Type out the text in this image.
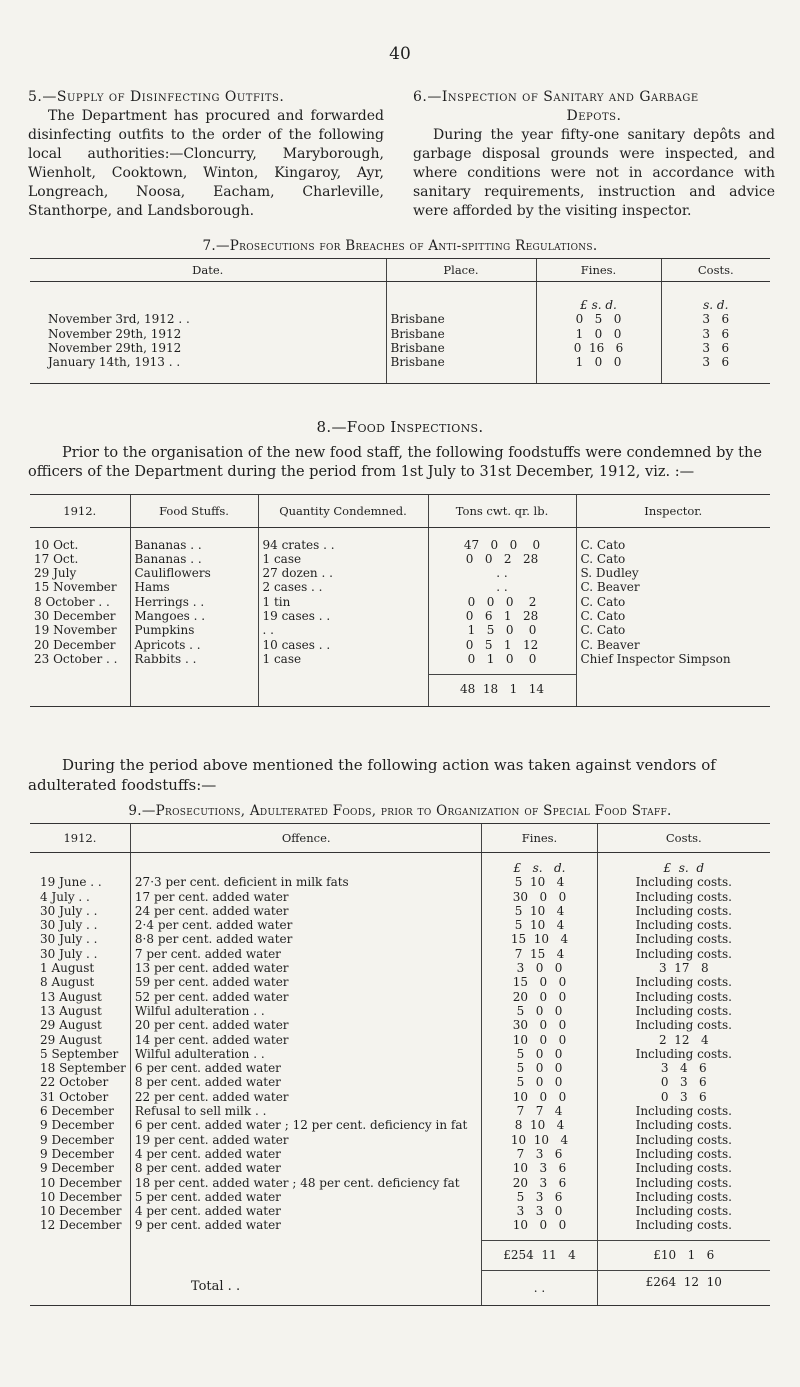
40
5.—Supply of Disinfecting Outfits.

The Department has procured and forwarded disinfecting outfits to the order of the following local authorities:—Cloncurry, Maryborough, Wienholt, Cooktown, Winton, Kingaroy, Ayr, Longreach, Noosa, Eacham, Charleville, Stanthorpe, and Landsborough.

6.—Inspection of Sanitary and Garbage
Depots.

During the year fifty-one sanitary depôts and garbage disposal grounds were inspected, and where conditions were not in accordance with sanitary requirements, instruction and advice were afforded by the visiting inspector.

7.—Prosecutions for Breaches of Anti-spitting Regulations.
Date.	Place.	Fines.	Costs.
		£ s. d.	s. d.
November 3rd, 1912 . .	Brisbane	0   5   0	3   6
November 29th, 1912	Brisbane	1   0   0	3   6
November 29th, 1912	Brisbane	0  16   6	3   6
January 14th, 1913 . .	Brisbane	1   0   0	3   6
8.—Food Inspections.
Prior to the organisation of the new food staff, the following foodstuffs were condemned by the officers of the Department during the period from 1st July to 31st December, 1912, viz. :—
1912.	Food Stuffs.	Quantity Condemned.	Tons cwt. qr. lb.	Inspector.

10 Oct.	Bananas . .	94 crates . .	47   0   0    0	C. Cato
17 Oct.	Bananas . .	1 case	0   0   2   28	C. Cato
29 July	Cauliflowers	27 dozen . .	. .	S. Dudley
15 November	Hams	2 cases . .	. .	C. Beaver
8 October . .	Herrings . .	1 tin	0   0   0    2	C. Cato
30 December	Mangoes . .	19 cases . .	0   6   1   28	C. Cato
19 November	Pumpkins	. .	1   5   0    0	C. Cato
20 December	Apricots . .	10 cases . .	0   5   1   12	C. Beaver
23 October . .	Rabbits . .	1 case	0   1   0    0	Chief Inspector Simpson

			48  18   1   14	
During the period above mentioned the following action was taken against vendors of adulterated foodstuffs:—
9.—Prosecutions, Adulterated Foods, prior to Organization of Special Food Staff.
1912.	Offence.	Fines.	Costs.
		£   s.   d.	£  s.  d
19 June . .	27·3 per cent. deficient in milk fats	5  10   4	Including costs.
4 July . .	17 per cent. added water	30   0   0	Including costs.
30 July . .	24 per cent. added water	5  10   4	Including costs.
30 July . .	2·4 per cent. added water	5  10   4	Including costs.
30 July . .	8·8 per cent. added water	15  10   4	Including costs.
30 July . .	7 per cent. added water	7  15   4	Including costs.
1 August	13 per cent. added water	3   0   0	3  17   8
8 August	59 per cent. added water	15   0   0	Including costs.
13 August	52 per cent. added water	20   0   0	Including costs.
13 August	Wilful adulteration . .	5   0   0	Including costs.
29 August	20 per cent. added water	30   0   0	Including costs.
29 August	14 per cent. added water	10   0   0	2  12   4
5 September	Wilful adulteration . .	5   0   0	Including costs.
18 September	6 per cent. added water	5   0   0	3   4   6
22 October	8 per cent. added water	5   0   0	0   3   6
31 October	22 per cent. added water	10   0   0	0   3   6
6 December	Refusal to sell milk . .	7   7   4	Including costs.
9 December	6 per cent. added water ; 12 per cent. deficiency in fat	8  10   4	Including costs.
9 December	19 per cent. added water	10  10   4	Including costs.
9 December	4 per cent. added water	7   3   6	Including costs.
9 December	8 per cent. added water	10   3   6	Including costs.
10 December	18 per cent. added water ; 48 per cent. deficiency fat	20   3   6	Including costs.
10 December	5 per cent. added water	5   3   6	Including costs.
10 December	4 per cent. added water	3   3   0	Including costs.
12 December	9 per cent. added water	10   0   0	Including costs.

		£254  11   4	£10   1   6
	Total . .	. .	£264  12  10
